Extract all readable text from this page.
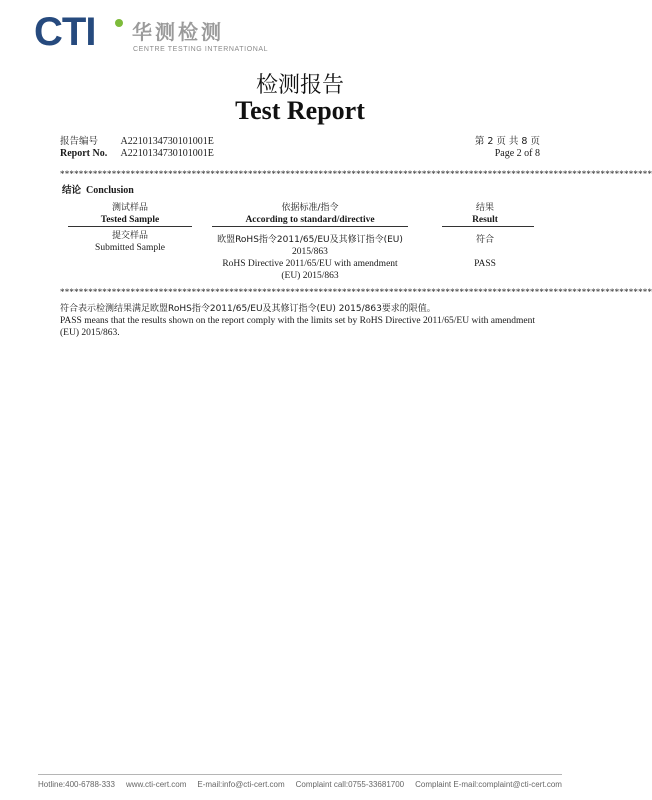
CTI 华测检测
CENTRE TESTING INTERNATIONAL
检测报告
Test Report
报告编号 A2210134730101001E
Report No. A2210134730101001E
第 2 页 共 8 页
Page 2 of 8
******************************************************************************************************************************
结论 Conclusion
测试样品
Tested Sample
提交样品
Submitted Sample
依据标准/指令
According to standard/directive
欧盟RoHS指令2011/65/EU及其修订指令(EU)
2015/863
RoHS Directive 2011/65/EU with amendment
(EU) 2015/863
结果
Result
符合
PASS
******************************************************************************************************************************
符合表示检测结果满足欧盟RoHS指令2011/65/EU及其修订指令(EU) 2015/863要求的限值。
PASS means that the results shown on the report comply with the limits set by RoHS Directive 2011/65/EU with amendment (EU) 2015/863.
Hotline:400-6788-333 www.cti-cert.com E-mail:info@cti-cert.com Complaint call:0755-33681700 Complaint E-mail:complaint@cti-cert.com
